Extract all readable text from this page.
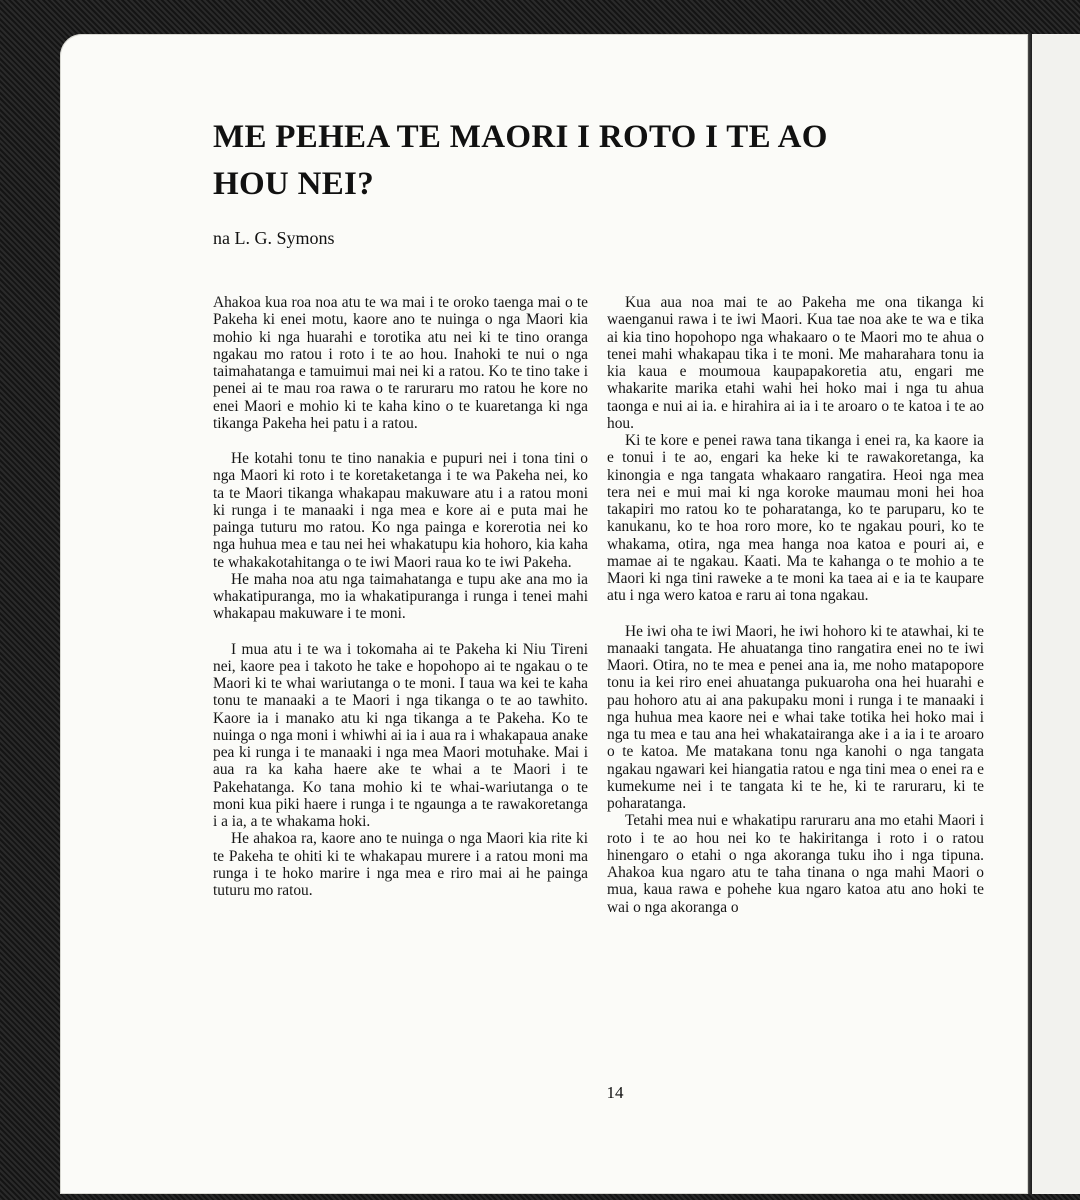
ME PEHEA TE MAORI I ROTO I TE AO HOU NEI?

na L. G. Symons

Ahakoa kua roa noa atu te wa mai i te oroko taenga mai o te Pakeha ki enei motu, kaore ano te nuinga o nga Maori kia mohio ki nga huarahi e torotika atu nei ki te tino oranga ngakau mo ratou i roto i te ao hou. Inahoki te nui o nga taimahatanga e tamuimui mai nei ki a ratou. Ko te tino take i penei ai te mau roa rawa o te raruraru mo ratou he kore no enei Maori e mohio ki te kaha kino o te kuaretanga ki nga tikanga Pakeha hei patu i a ratou.

He kotahi tonu te tino nanakia e pupuri nei i tona tini o nga Maori ki roto i te koretaketanga i te wa Pakeha nei, ko ta te Maori tikanga whakapau makuware atu i a ratou moni ki runga i te manaaki i nga mea e kore ai e puta mai he painga tuturu mo ratou. Ko nga painga e korerotia nei ko nga huhua mea e tau nei hei whakatupu kia hohoro, kia kaha te whakakotahitanga o te iwi Maori raua ko te iwi Pakeha.

He maha noa atu nga taimahatanga e tupu ake ana mo ia whakatipuranga, mo ia whakatipuranga i runga i tenei mahi whakapau makuware i te moni.

I mua atu i te wa i tokomaha ai te Pakeha ki Niu Tireni nei, kaore pea i takoto he take e hopohopo ai te ngakau o te Maori ki te whai wariutanga o te moni. I taua wa kei te kaha tonu te manaaki a te Maori i nga tikanga o te ao tawhito. Kaore ia i manako atu ki nga tikanga a te Pakeha. Ko te nuinga o nga moni i whiwhi ai ia i aua ra i whakapaua anake pea ki runga i te manaaki i nga mea Maori motuhake. Mai i aua ra ka kaha haere ake te whai a te Maori i te Pakehatanga. Ko tana mohio ki te whai-wariutanga o te moni kua piki haere i runga i te ngaunga a te rawakoretanga i a ia, a te whakama hoki.

He ahakoa ra, kaore ano te nuinga o nga Maori kia rite ki te Pakeha te ohiti ki te whakapau murere i a ratou moni ma runga i te hoko marire i nga mea e riro mai ai he painga tuturu mo ratou.

Kua aua noa mai te ao Pakeha me ona tikanga ki waenganui rawa i te iwi Maori. Kua tae noa ake te wa e tika ai kia tino hopohopo nga whakaaro o te Maori mo te ahua o tenei mahi whakapau tika i te moni. Me maharahara tonu ia kia kaua e moumoua kaupapakoretia atu, engari me whakarite marika etahi wahi hei hoko mai i nga tu ahua taonga e nui ai ia. e hirahira ai ia i te aroaro o te katoa i te ao hou.

Ki te kore e penei rawa tana tikanga i enei ra, ka kaore ia e tonui i te ao, engari ka heke ki te rawakoretanga, ka kinongia e nga tangata whakaaro rangatira. Heoi nga mea tera nei e mui mai ki nga koroke maumau moni hei hoa takapiri mo ratou ko te poharatanga, ko te paruparu, ko te kanukanu, ko te hoa roro more, ko te ngakau pouri, ko te whakama, otira, nga mea hanga noa katoa e pouri ai, e mamae ai te ngakau. Kaati. Ma te kahanga o te mohio a te Maori ki nga tini raweke a te moni ka taea ai e ia te kaupare atu i nga wero katoa e raru ai tona ngakau.

He iwi oha te iwi Maori, he iwi hohoro ki te atawhai, ki te manaaki tangata. He ahuatanga tino rangatira enei no te iwi Maori. Otira, no te mea e penei ana ia, me noho matapopore tonu ia kei riro enei ahuatanga pukuaroha ona hei huarahi e pau hohoro atu ai ana pakupaku moni i runga i te manaaki i nga huhua mea kaore nei e whai take totika hei hoko mai i nga tu mea e tau ana hei whakatairanga ake i a ia i te aroaro o te katoa. Me matakana tonu nga kanohi o nga tangata ngakau ngawari kei hiangatia ratou e nga tini mea o enei ra e kumekume nei i te tangata ki te he, ki te raruraru, ki te poharatanga.

Tetahi mea nui e whakatipu raruraru ana mo etahi Maori i roto i te ao hou nei ko te hakiritanga i roto i o ratou hinengaro o etahi o nga akoranga tuku iho i nga tipuna. Ahakoa kua ngaro atu te taha tinana o nga mahi Maori o mua, kaua rawa e pohehe kua ngaro katoa atu ano hoki te wai o nga akoranga o

14
